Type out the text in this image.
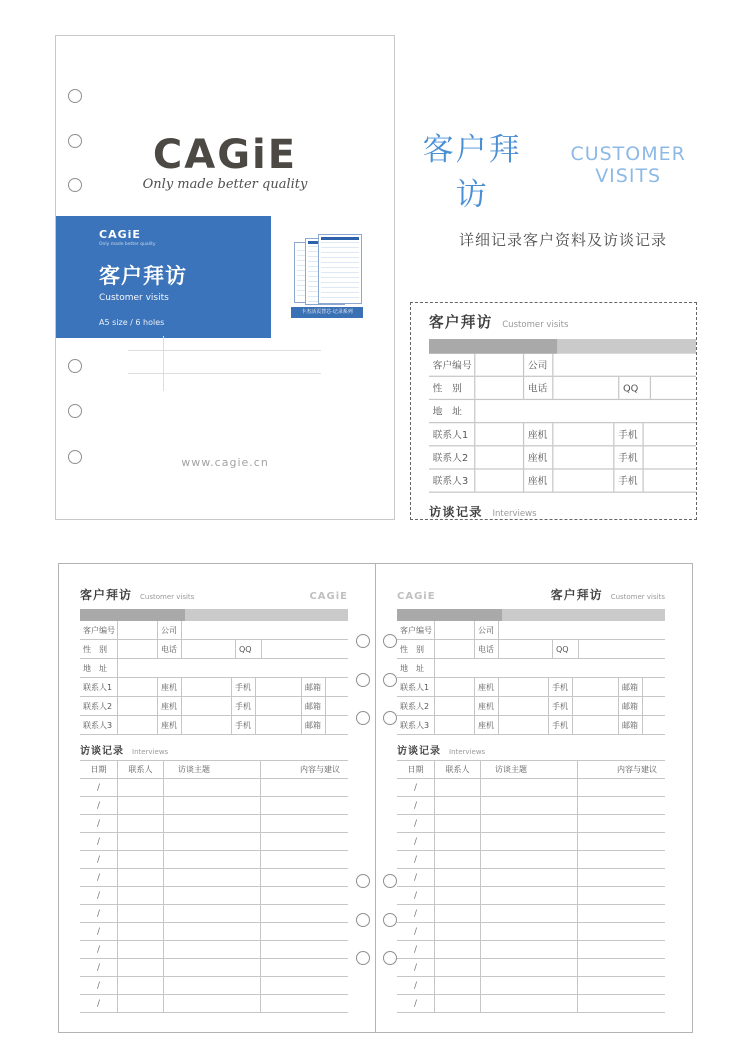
CAGiE
Only made better quality
CAGiE
Only made better quality
客户拜访
Customer visits
A5 size / 6 holes
卡杰活页替芯·记录系列
www.cagie.cn
客户拜访
CUSTOMER VISITS
详细记录客户资料及访谈记录
客户拜访 Customer visits
客户编号	公司
性　别	电话	QQ
地　址
联系人1	座机	手机
联系人2	座机	手机
联系人3	座机	手机
访谈记录 Interviews
客户拜访 Customer visits	CAGiE
客户编号	公司
性　别	电话	QQ
地　址
联系人1	座机	手机	邮箱
联系人2	座机	手机	邮箱
联系人3	座机	手机	邮箱
访谈记录 Interviews
日期	联系人	访谈主题	内容与建议
/
/
/
/
/
/
/
/
/
/
/
/
/
客户拜访 Customer visits
CAGiE
客户编号	公司
性　别	电话	QQ
地　址
联系人1	座机	手机	邮箱
联系人2	座机	手机	邮箱
联系人3	座机	手机	邮箱
访谈记录 Interviews
日期	联系人	访谈主题	内容与建议
/
/
/
/
/
/
/
/
/
/
/
/
/
